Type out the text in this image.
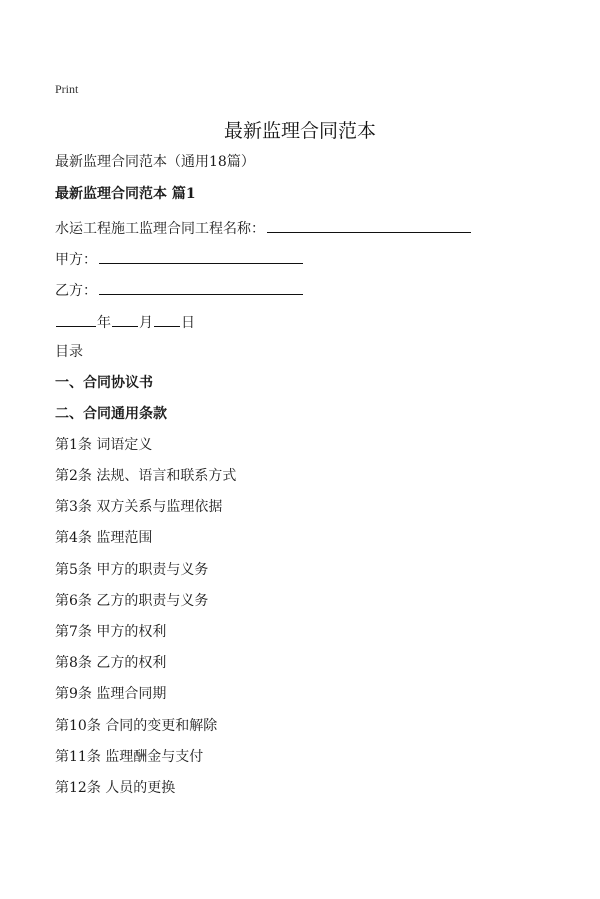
Print
最新监理合同范本
最新监理合同范本（通用18篇）
最新监理合同范本 篇1
水运工程施工监理合同工程名称：
甲方：
乙方：
年 月 日
目录
一、合同协议书
二、合同通用条款
第1条 词语定义
第2条 法规、语言和联系方式
第3条 双方关系与监理依据
第4条 监理范围
第5条 甲方的职责与义务
第6条 乙方的职责与义务
第7条 甲方的权利
第8条 乙方的权利
第9条 监理合同期
第10条 合同的变更和解除
第11条 监理酬金与支付
第12条 人员的更换
